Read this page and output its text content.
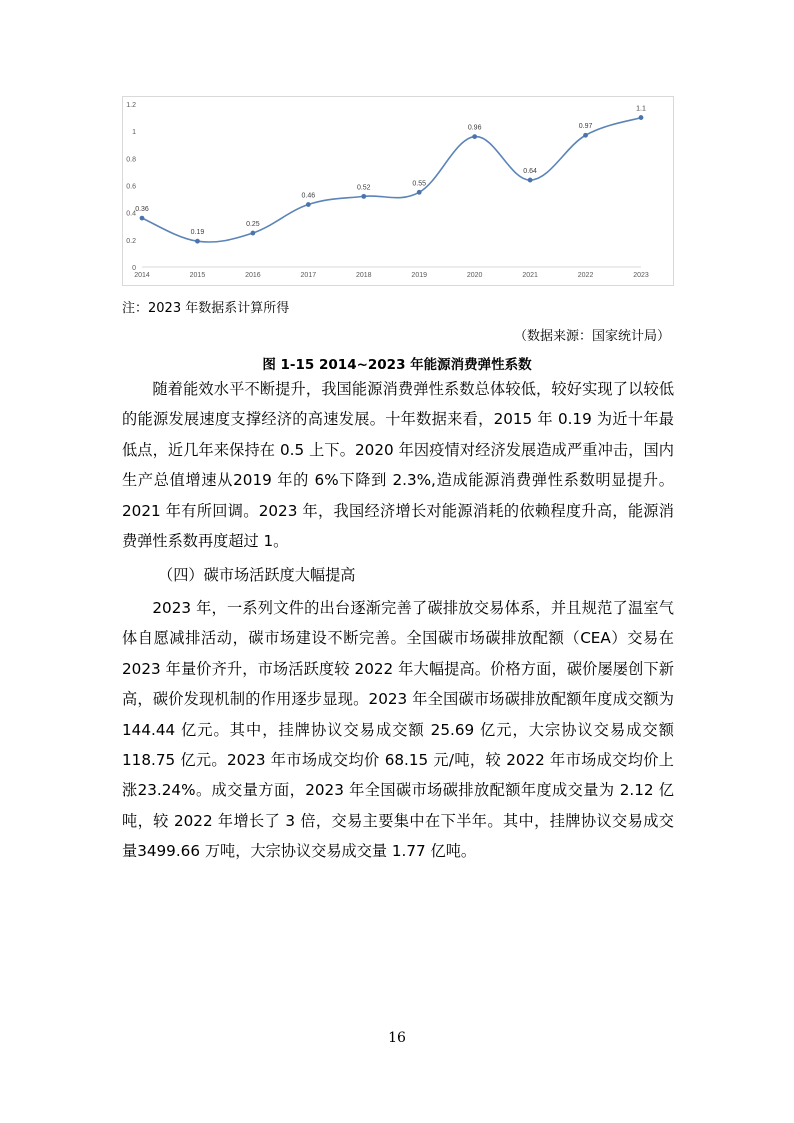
0
0.2
0.4
0.6
0.8
1
1.2
2014	2015	2016	2017	2018	2019	2020	2021	2022	2023
0.36
0.19
0.25
0.46
0.52
0.55
0.96
0.64
0.97
1.1
注：2023 年数据系计算所得
（数据来源：国家统计局）
图 1-15 2014~2023 年能源消费弹性系数

随着能效水平不断提升，我国能源消费弹性系数总体较低，较好实现了以较低的能源发展速度支撑经济的高速发展。十年数据来看，2015 年 0.19 为近十年最低点，近几年来保持在 0.5 上下。2020 年因疫情对经济发展造成严重冲击，国内生产总值增速从2019 年的 6%下降到 2.3%,造成能源消费弹性系数明显提升。2021 年有所回调。2023 年，我国经济增长对能源消耗的依赖程度升高，能源消费弹性系数再度超过 1。

（四）碳市场活跃度大幅提高

2023 年，一系列文件的出台逐渐完善了碳排放交易体系，并且规范了温室气体自愿减排活动，碳市场建设不断完善。全国碳市场碳排放配额（CEA）交易在 2023 年量价齐升，市场活跃度较 2022 年大幅提高。价格方面，碳价屡屡创下新高，碳价发现机制的作用逐步显现。2023 年全国碳市场碳排放配额年度成交额为 144.44 亿元。其中，挂牌协议交易成交额 25.69 亿元，大宗协议交易成交额118.75 亿元。2023 年市场成交均价 68.15 元/吨，较 2022 年市场成交均价上涨23.24%。成交量方面，2023 年全国碳市场碳排放配额年度成交量为 2.12 亿吨，较 2022 年增长了 3 倍，交易主要集中在下半年。其中，挂牌协议交易成交量3499.66 万吨，大宗协议交易成交量 1.77 亿吨。

16
